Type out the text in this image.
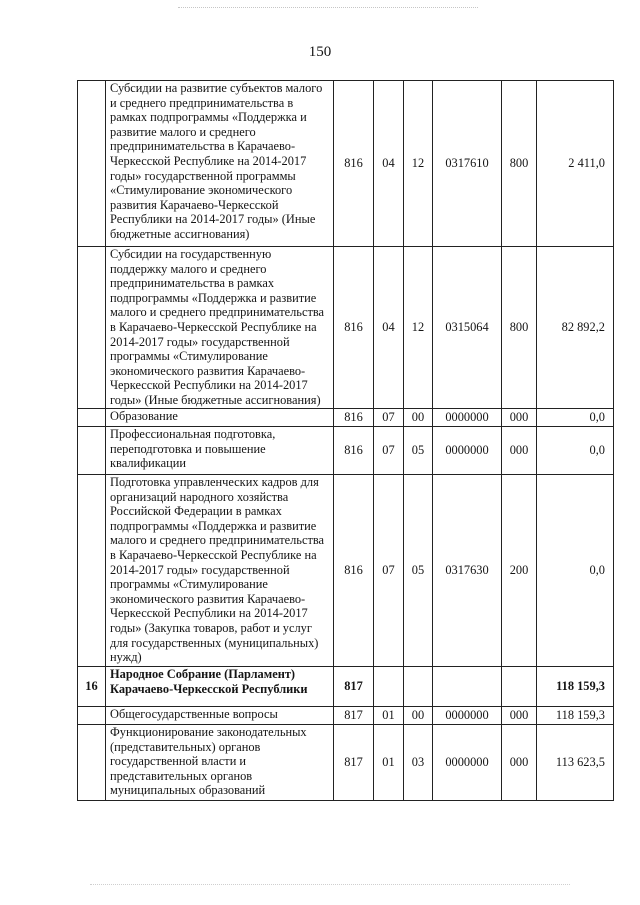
150
	Субсидии на развитие субъектов малого и среднего предпринимательства в рамках подпрограммы «Поддержка и развитие малого и среднего предпринимательства в Карачаево-Черкесской Республике на 2014-2017 годы» государственной программы «Стимулирование экономического развития Карачаево-Черкесской Республики на 2014-2017 годы» (Иные бюджетные ассигнования)	816	04	12	0317610	800	2 411,0
	Субсидии на государственную поддержку малого и среднего предпринимательства в рамках подпрограммы «Поддержка и развитие малого и среднего предпринимательства в Карачаево-Черкесской Республике на 2014-2017 годы» государственной программы «Стимулирование экономического развития Карачаево-Черкесской Республики на 2014-2017 годы» (Иные бюджетные ассигнования)	816	04	12	0315064	800	82 892,2
	Образование	816	07	00	0000000	000	0,0
	Профессиональная подготовка, переподготовка и повышение квалификации	816	07	05	0000000	000	0,0
	Подготовка управленческих кадров для организаций народного хозяйства Российской Федерации в рамках подпрограммы «Поддержка и развитие малого и среднего предпринимательства в Карачаево-Черкесской Республике на 2014-2017 годы» государственной программы «Стимулирование экономического развития Карачаево-Черкесской Республики на 2014-2017 годы» (Закупка товаров, работ и услуг для государственных (муниципальных) нужд)	816	07	05	0317630	200	0,0
16	Народное Собрание (Парламент) Карачаево-Черкесской Республики	817					118 159,3
	Общегосударственные вопросы	817	01	00	0000000	000	118 159,3
	Функционирование законодательных (представительных) органов государственной власти и представительных органов муниципальных образований	817	01	03	0000000	000	113 623,5
